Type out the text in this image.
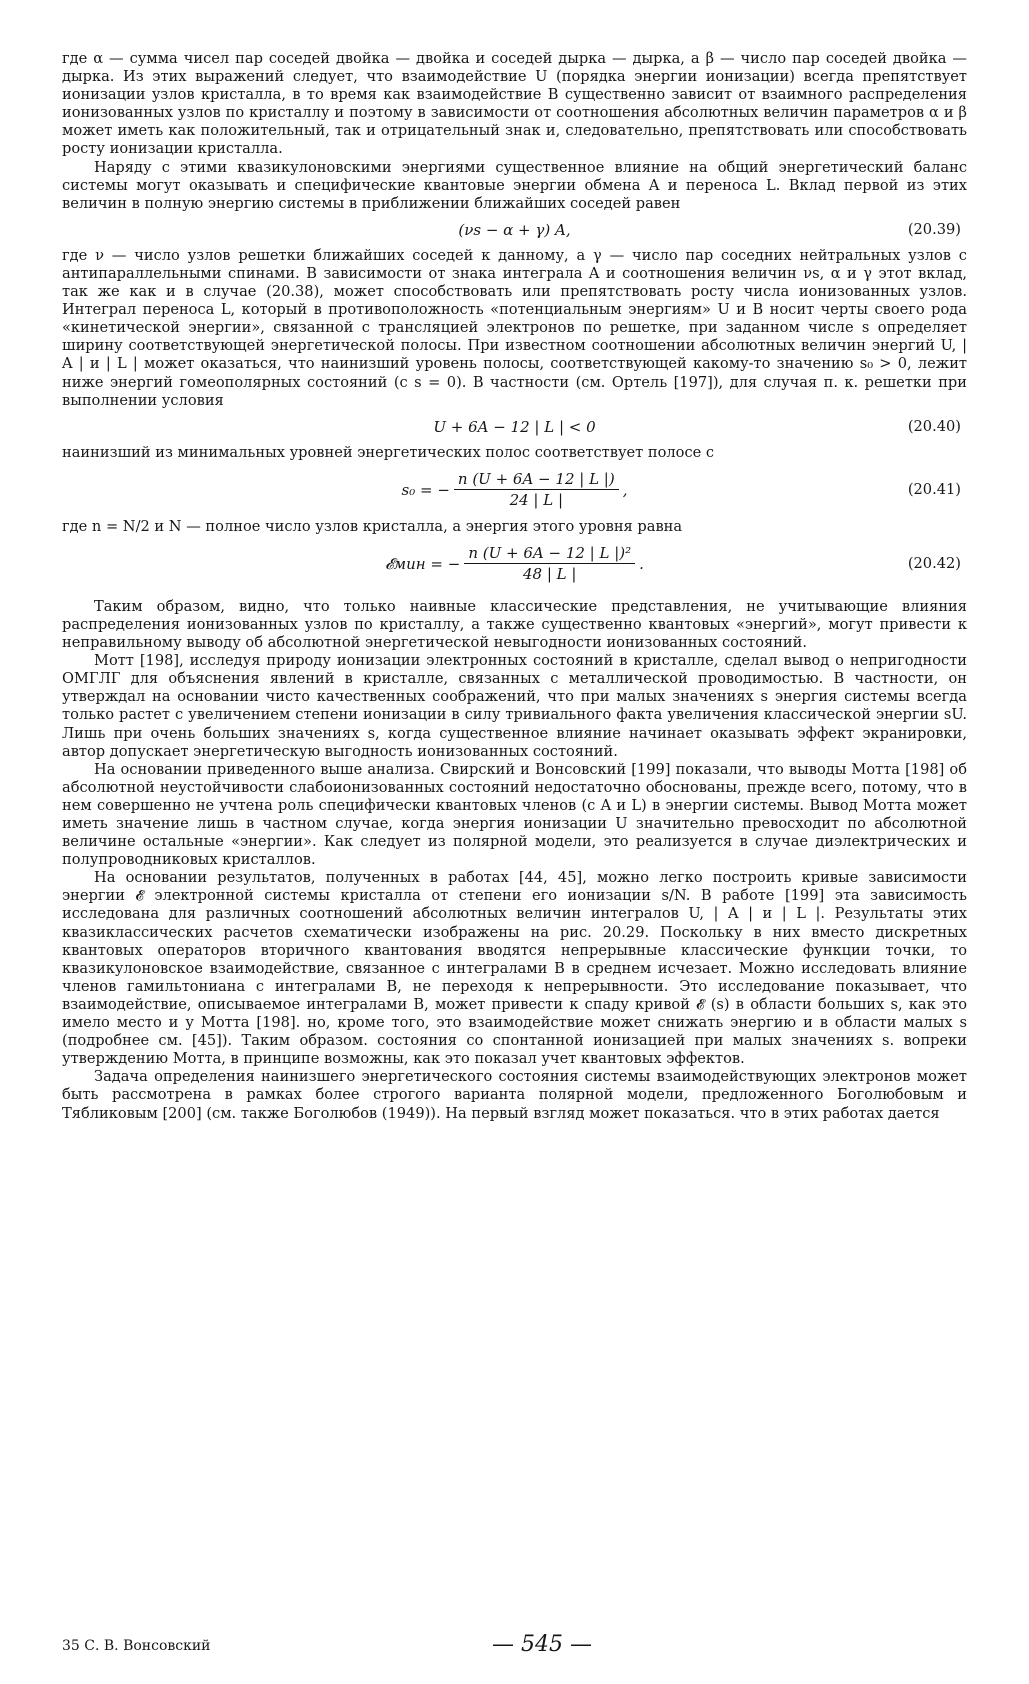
где α — сумма чисел пар соседей двойка — двойка и соседей дырка — дырка, а β — число пар соседей двойка — дырка. Из этих выражений следует, что взаимодействие U (порядка энергии ионизации) всегда препятствует ионизации узлов кристалла, в то время как взаимодействие B существенно зависит от взаимного распределения ионизованных узлов по кристаллу и поэтому в зависимости от соотношения абсолютных величин параметров α и β может иметь как положительный, так и отрицательный знак и, следовательно, препятствовать или способствовать росту ионизации кристалла.

Наряду с этими квазикулоновскими энергиями существенное влияние на общий энергетический баланс системы могут оказывать и специфические квантовые энергии обмена A и переноса L. Вклад первой из этих величин в полную энергию системы в приближении ближайших соседей равен

(νs − α + γ) A,	(20.39)

где ν — число узлов решетки ближайших соседей к данному, а γ — число пар соседних нейтральных узлов с антипараллельными спинами. В зависимости от знака интеграла A и соотношения величин νs, α и γ этот вклад, так же как и в случае (20.38), может способствовать или препятствовать росту числа ионизованных узлов. Интеграл переноса L, который в противоположность «потенциальным энергиям» U и B носит черты своего рода «кинетической энергии», связанной с трансляцией электронов по решетке, при заданном числе s определяет ширину соответствующей энергетической полосы. При известном соотношении абсолютных величин энергий U, | A | и | L | может оказаться, что наинизший уровень полосы, соответствующей какому-то значению s₀ > 0, лежит ниже энергий гомеополярных состояний (с s = 0). В частности (см. Ортель [197]), для случая п. к. решетки при выполнении условия

U + 6A − 12 | L | < 0	(20.40)

наинизший из минимальных уровней энергетических полос соответствует полосе с

s₀ = − $\frac{n (U + 6A - 12 | L |)}{24 | L |}$ ,	(20.41)

где n = N/2 и N — полное число узлов кристалла, а энергия этого уровня равна

𝓔мин = − $\frac{\text{n (U + 6A − 12 | L |)²}}{48 | L |}$ .	(20.42)

Таким образом, видно, что только наивные классические представления, не учитывающие влияния распределения ионизованных узлов по кристаллу, а также существенно квантовых «энергий», могут привести к неправильному выводу об абсолютной энергетической невыгодности ионизованных состояний.

Мотт [198], исследуя природу ионизации электронных состояний в кристалле, сделал вывод о непригодности ОМГЛГ для объяснения явлений в кристалле, связанных с металлической проводимостью. В частности, он утверждал на основании чисто качественных соображений, что при малых значениях s энергия системы всегда только растет с увеличением степени ионизации в силу тривиального факта увеличения классической энергии sU. Лишь при очень больших значениях s, когда существенное влияние начинает оказывать эффект экранировки, автор допускает энергетическую выгодность ионизованных состояний.

На основании приведенного выше анализа. Свирский и Вонсовский [199] показали, что выводы Мотта [198] об абсолютной неустойчивости слабоионизованных состояний недостаточно обоснованы, прежде всего, потому, что в нем совершенно не учтена роль специфически квантовых членов (с A и L) в энергии системы. Вывод Мотта может иметь значение лишь в частном случае, когда энергия ионизации U значительно превосходит по абсолютной величине остальные «энергии». Как следует из полярной модели, это реализуется в случае диэлектрических и полупроводниковых кристаллов.

На основании результатов, полученных в работах [44, 45], можно легко построить кривые зависимости энергии 𝓔 электронной системы кристалла от степени его ионизации s/N. В работе [199] эта зависимость исследована для различных соотношений абсолютных величин интегралов U, | A | и | L |. Результаты этих квазиклассических расчетов схематически изображены на рис. 20.29. Поскольку в них вместо дискретных квантовых операторов вторичного квантования вводятся непрерывные классические функции точки, то квазикулоновское взаимодействие, связанное с интегралами B в среднем исчезает. Можно исследовать влияние членов гамильтониана с интегралами B, не переходя к непрерывности. Это исследование показывает, что взаимодействие, описываемое интегралами B, может привести к спаду кривой 𝓔 (s) в области больших s, как это имело место и у Мотта [198]. но, кроме того, это взаимодействие может снижать энергию и в области малых s (подробнее см. [45]). Таким образом. состояния со спонтанной ионизацией при малых значениях s. вопреки утверждению Мотта, в принципе возможны, как это показал учет квантовых эффектов.

Задача определения наинизшего энергетического состояния системы взаимодействующих электронов может быть рассмотрена в рамках более строгого варианта полярной модели, предложенного Боголюбовым и Тябликовым [200] (см. также Боголюбов (1949)). На первый взгляд может показаться. что в этих работах дается

35 С. В. Вонсовский	— 545 —
